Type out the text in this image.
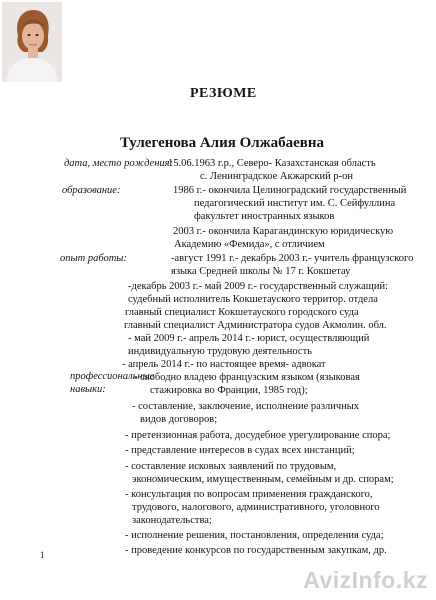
РЕЗЮМЕ
Тулегенова Алия Олжабаевна
дата, место рождения:
15.06.1963 г.р., Северо- Казахстанская область
с. Ленинградское Акжарский р-он
образование:	1986 г.- окончила Целиноградский государственный
педагогический институт им. С. Сейфуллина
факультет иностранных языков
2003 г.- окончила Карагандинскую юридическую
Академию «Фемида», с отличием
опыт работы:	-август 1991 г.- декабрь 2003 г.- учитель французского
языка Средней школы № 17 г. Кокшетау
-декабрь 2003 г.- май 2009 г.- государственный служащий:
судебный исполнитель Кокшетауского территор. отдела
главный специалист Кокшетауского городского суда
главный специалист Администратора судов Акмолин. обл.
- май 2009 г.- апрель 2014 г.- юрист, осуществляющий
индивидуальную трудовую деятельность
- апрель 2014 г.- по настоящее время- адвокат
профессиональные
навыки:
- свободно владею французским языком (языковая
стажировка во Франции, 1985 год);
- составление, заключение, исполнение различных
видов договоров;
- претензионная работа, досудебное урегулирование спора;
- представление интересов в судах всех инстанций;
- составление исковых заявлений по трудовым,
экономическим, имущественным, семейным и др. спорам;
- консультация по вопросам применения гражданского,
трудового, налогового, административного, уголовного
законодательства;
- исполнение решения, постановления, определения суда;
- проведение конкурсов по государственным закупкам, др.
1
AvizInfo.kz
